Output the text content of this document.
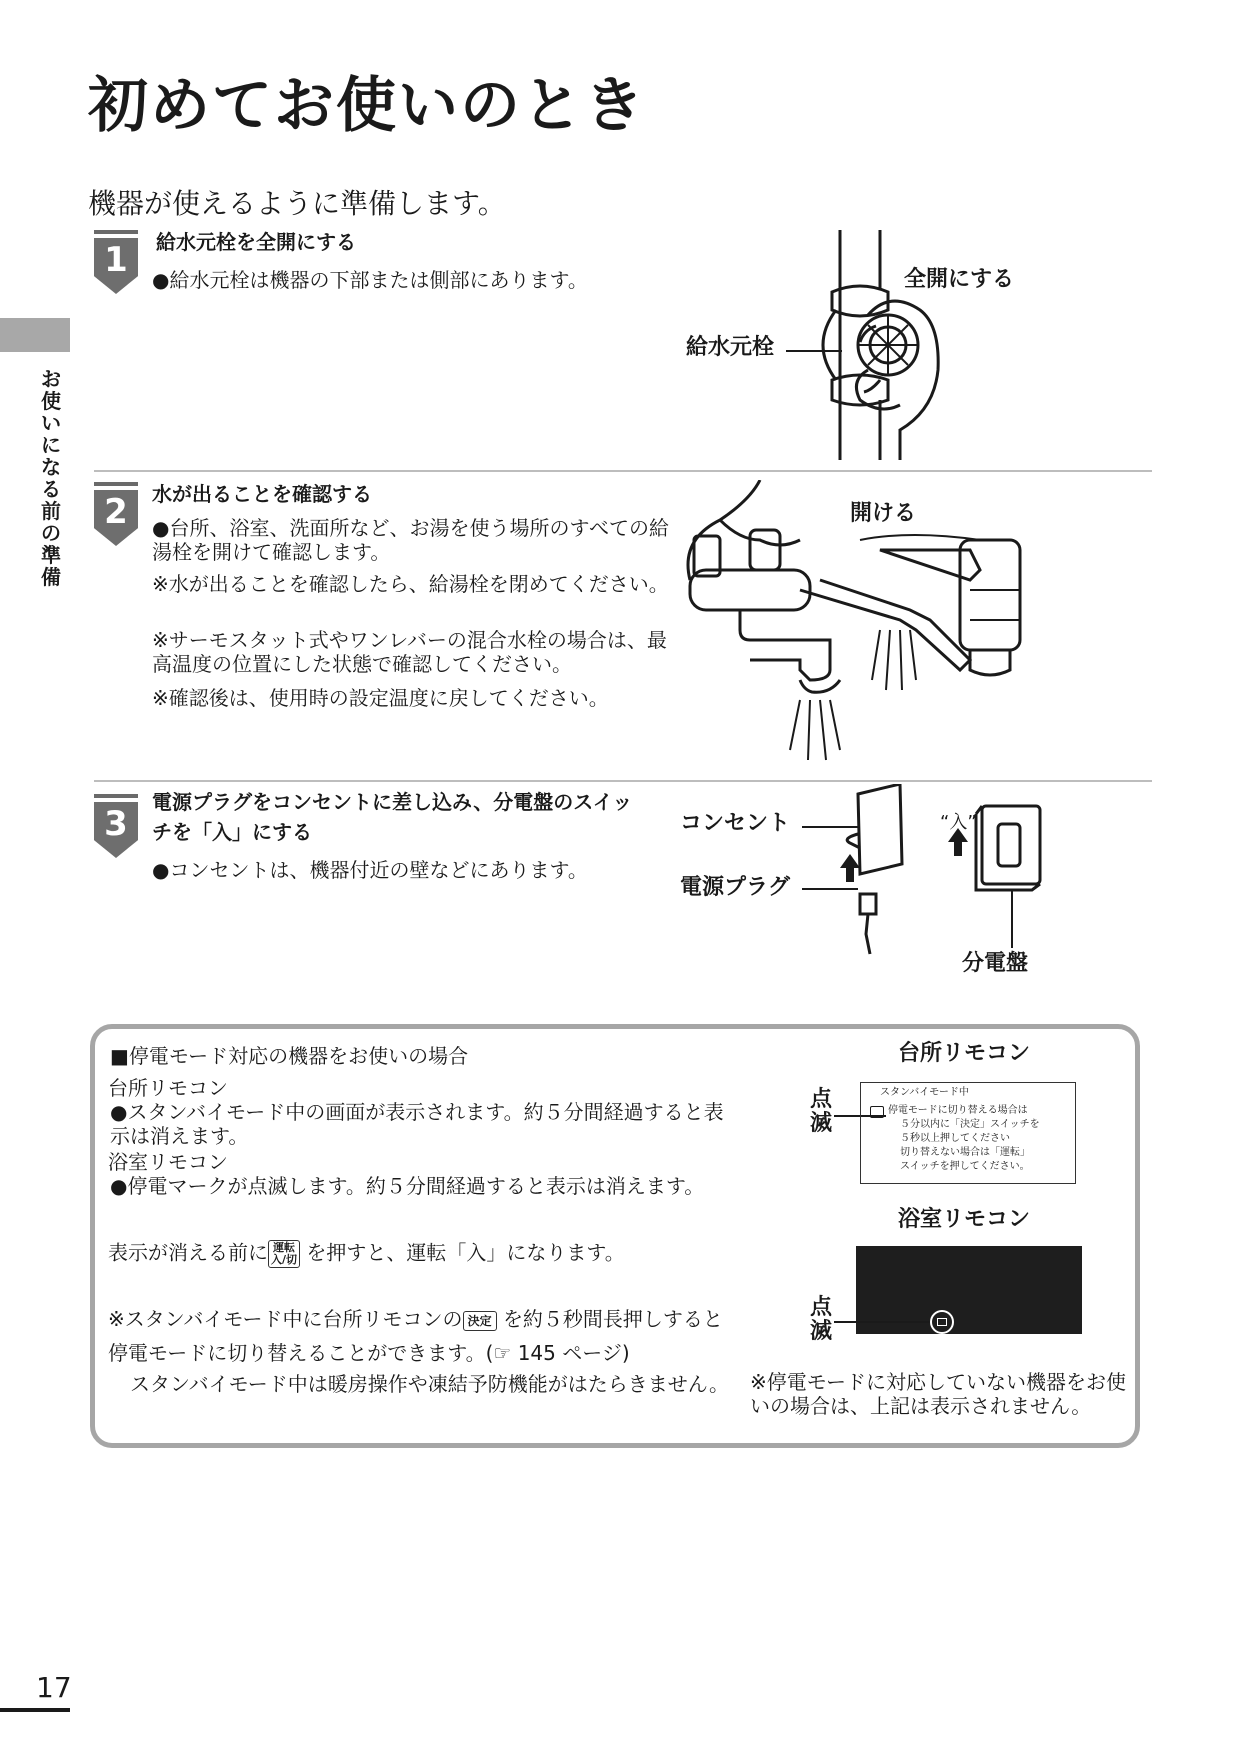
初めてお使いのとき
機器が使えるように準備します。
お使いになる前の準備
1	給水元栓を全開にする
●給水元栓は機器の下部または側部にあります。	全開にする
給水元栓
2	水が出ることを確認する
●台所、浴室、洗面所など、お湯を使う場所のすべての給湯栓を開けて確認します。
※水が出ることを確認したら、給湯栓を閉めてください。
※サーモスタット式やワンレバーの混合水栓の場合は、最高温度の位置にした状態で確認してください。
※確認後は、使用時の設定温度に戻してください。
開ける
3
電源プラグをコンセントに差し込み、分電盤のスイッ
チを「入」にする
●コンセントは、機器付近の壁などにあります。
コンセント
電源プラグ
“入”
分電盤
■停電モード対応の機器をお使いの場合
台所リモコン
●スタンバイモード中の画面が表示されます。約５分間経過すると表示は消えます。
浴室リモコン
●停電マークが点滅します。約５分間経過すると表示は消えます。
表示が消える前に 運転
入/切 を押すと、運転「入」になります。
※スタンバイモード中に台所リモコンの 決定 を約５秒間長押しすると停電モードに切り替えることができます。(☞ 145 ページ)
スタンバイモード中は暖房操作や凍結予防機能がはたらきません。
台所リモコン
点滅
スタンバイモード中
停電モードに切り替える場合は
５分以内に「決定」スイッチを
５秒以上押してください
切り替えない場合は「運転」
スイッチを押してください。
浴室リモコン
点滅
※停電モードに対応していない機器をお使いの場合は、上記は表示されません。
17
